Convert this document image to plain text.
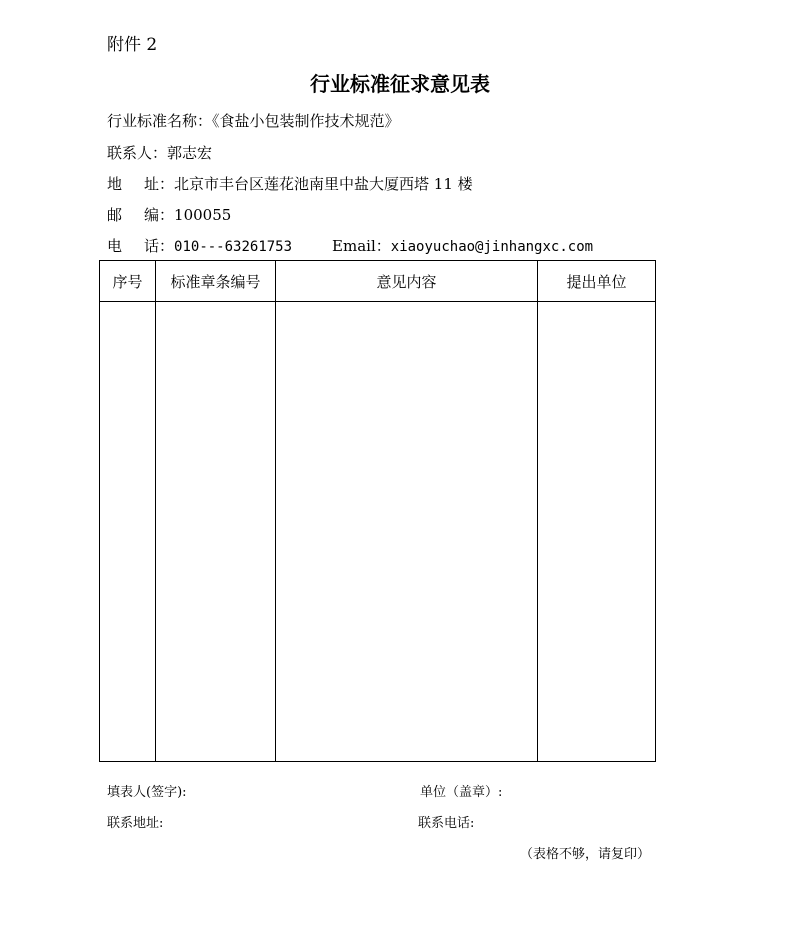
附件 2
行业标准征求意见表
行业标准名称：《食盐小包装制作技术规范》
联系人：郭志宏
地 址：北京市丰台区莲花池南里中盐大厦西塔 11 楼
邮 编：100055
电 话：010---63261753	Email：xiaoyuchao@jinhangxc.com
序号	标准章条编号	意见内容	提出单位

填表人(签字):	单位（盖章）:
联系地址:	联系电话:
（表格不够，请复印）
